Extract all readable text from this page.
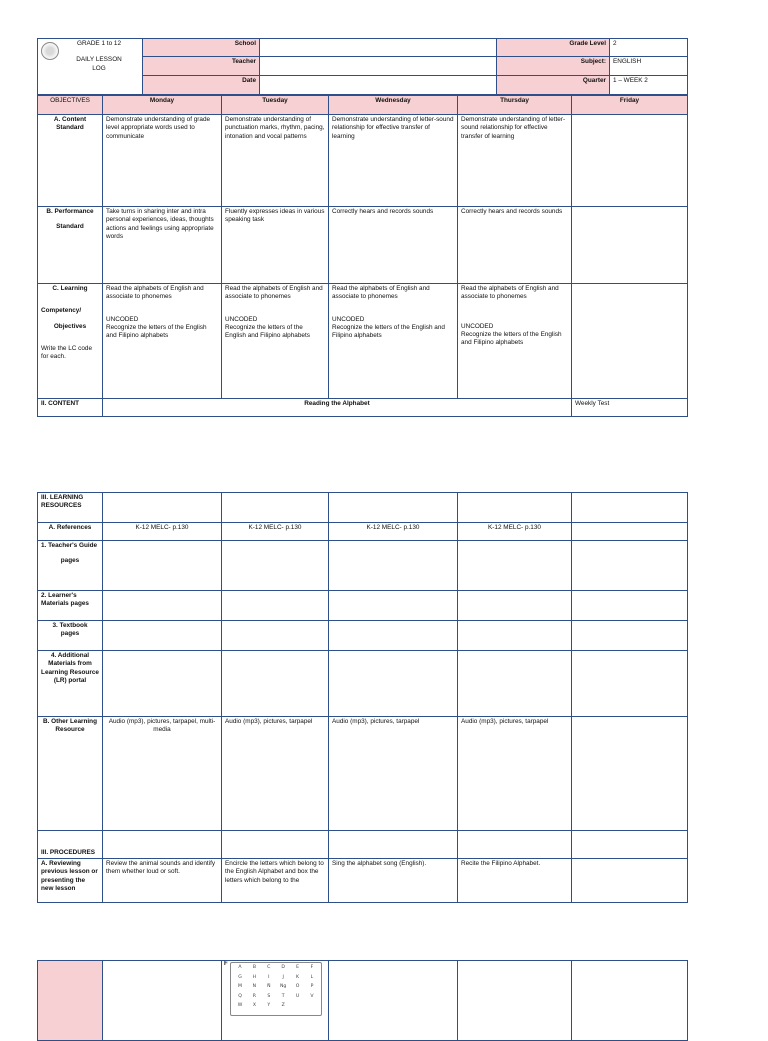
GRADE 1 to 12
DAILY LESSON LOG	School		Grade Level	2
	Teacher		Subject:	ENGLISH
	Date		Quarter	1 – WEEK 2
OBJECTIVES	Monday	Tuesday	Wednesday	Thursday	Friday
A. Content Standard	Demonstrate understanding of grade level appropriate words used to communicate	Demonstrate understanding of punctuation marks, rhythm, pacing, intonation and vocal patterns	Demonstrate understanding of letter-sound relationship for effective transfer of learning	Demonstrate understanding of letter-sound relationship for effective transfer of learning	

B. Performance
Standard	Take turns in sharing inter and intra personal experiences, ideas, thoughts actions and feelings using appropriate words	Fluently expresses ideas in various speaking task	Correctly hears and records sounds	Correctly hears and records sounds	

C. Learning
Competency/
Objectives
Write the LC code for each.	Read the alphabets of English and associate to phonemes
UNCODED
Recognize the letters of the English and Filipino alphabets	Read the alphabets of English and associate to phonemes
UNCODED
Recognize the letters of the English and Filipino alphabets	Read the alphabets of English and associate to phonemes
UNCODED
Recognize the letters of the English and Filipino alphabets	Read the alphabets of English and associate to phonemes
UNCODED
Recognize the letters of the English and Filipino alphabets	

II. CONTENT	Reading the Alphabet				Weekly Test
III. LEARNING RESOURCES					
A. References	K-12 MELC- p.130	K-12 MELC- p.130	K-12 MELC- p.130	K-12 MELC- p.130	

1. Teacher's Guide
pages					

2. Learner's Materials pages					

3. Textbook
pages					

4. Additional Materials from Learning Resource (LR) portal					
B. Other Learning Resource	Audio (mp3), pictures, tarpapel, multi-media	Audio (mp3), pictures, tarpapel	Audio (mp3), pictures, tarpapel	Audio (mp3), pictures, tarpapel	
III. PROCEDURES					
A. Reviewing previous lesson or presenting the new lesson	Review the animal sounds and identify them whether loud or soft.	Encircle the letters which belong to the English Alphabet and box the letters which belong to the	Sing the alphabet song (English).	Recite the Filipino Alphabet.	

F
A	B	C	D	E	F
G	H	I	J	K	L
M	N	Ñ	Ng	O	P
Q	R	S	T	U	V
W	X	Y	Z
